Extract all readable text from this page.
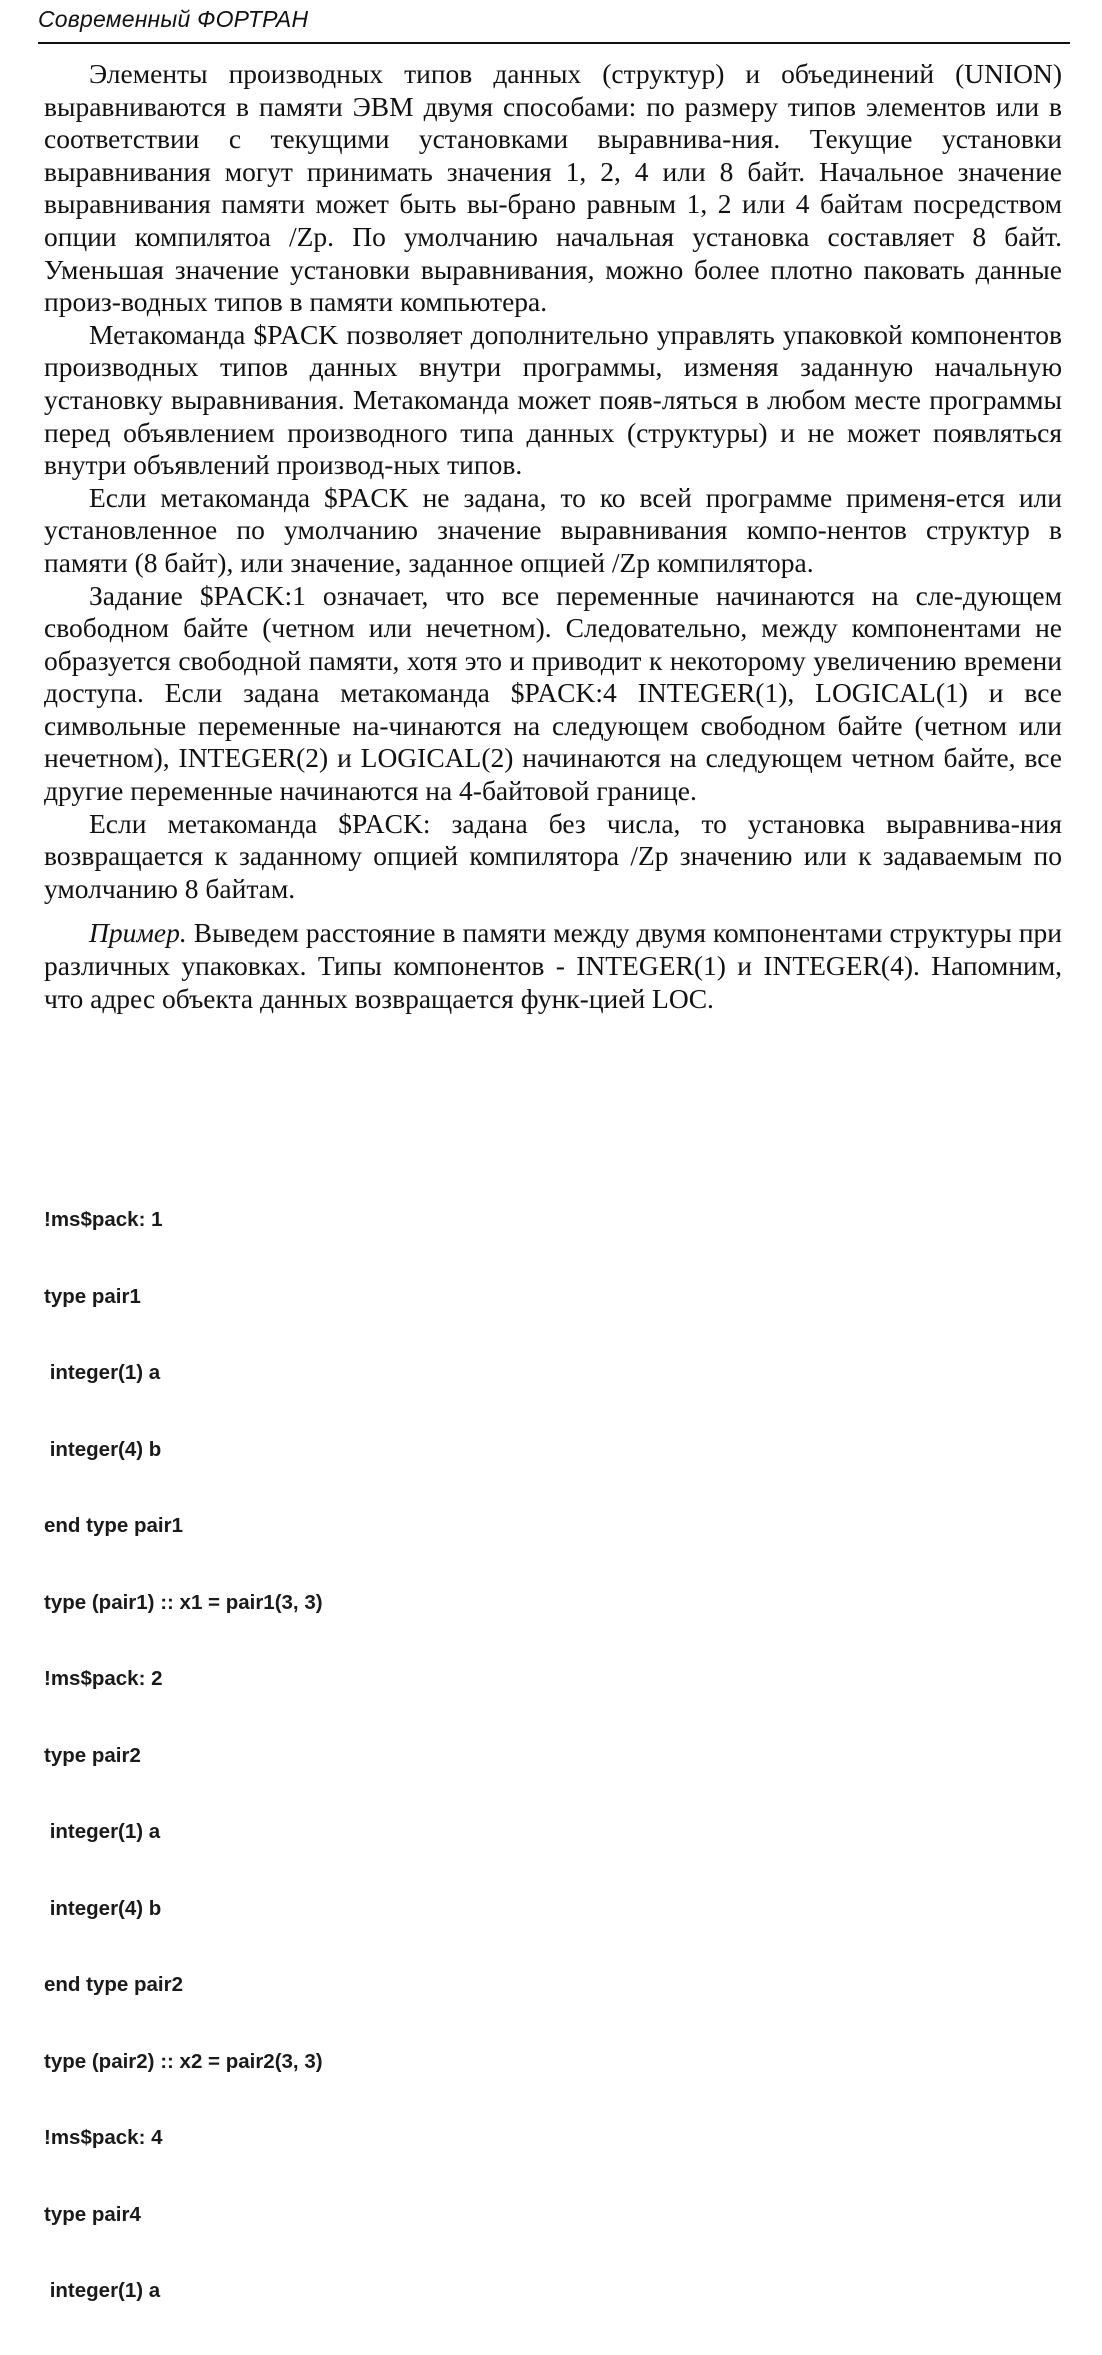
Современный ФОРТРАН

Элементы производных типов данных (структур) и объединений (UNION) выравниваются в памяти ЭВМ двумя способами: по размеру типов элементов или в соответствии с текущими установками выравнива-ния. Текущие установки выравнивания могут принимать значения 1, 2, 4 или 8 байт. Начальное значение выравнивания памяти может быть вы-брано равным 1, 2 или 4 байтам посредством опции компилятоа /Zp. По умолчанию начальная установка составляет 8 байт. Уменьшая значение установки выравнивания, можно более плотно паковать данные произ-водных типов в памяти компьютера.

Метакоманда $PACK позволяет дополнительно управлять упаковкой компонентов производных типов данных внутри программы, изменяя заданную начальную установку выравнивания. Метакоманда может появ-ляться в любом месте программы перед объявлением производного типа данных (структуры) и не может появляться внутри объявлений производ-ных типов.

Если метакоманда $PACK не задана, то ко всей программе применя-ется или установленное по умолчанию значение выравнивания компо-нентов структур в памяти (8 байт), или значение, заданное опцией /Zp компилятора.

Задание $PACK:1 означает, что все переменные начинаются на сле-дующем свободном байте (четном или нечетном). Следовательно, между компонентами не образуется свободной памяти, хотя это и приводит к некоторому увеличению времени доступа. Если задана метакоманда $PACK:4 INTEGER(1), LOGICAL(1) и все символьные переменные на-чинаются на следующем свободном байте (четном или нечетном), INTEGER(2) и LOGICAL(2) начинаются на следующем четном байте, все другие переменные начинаются на 4-байтовой границе.

Если метакоманда $PACK: задана без числа, то установка выравнива-ния возвращается к заданному опцией компилятора /Zp значению или к задаваемым по умолчанию 8 байтам.

Пример. Выведем расстояние в памяти между двумя компонентами структуры при различных упаковках. Типы компонентов - INTEGER(1) и INTEGER(4). Напомним, что адрес объекта данных возвращается функ-цией LOC.

!ms$pack: 1

type pair1

integer(1) a

integer(4) b

end type pair1

type (pair1) :: x1 = pair1(3, 3)

!ms$pack: 2

type pair2

integer(1) a

integer(4) b

end type pair2

type (pair2) :: x2 = pair2(3, 3)

!ms$pack: 4

type pair4

integer(1) a
